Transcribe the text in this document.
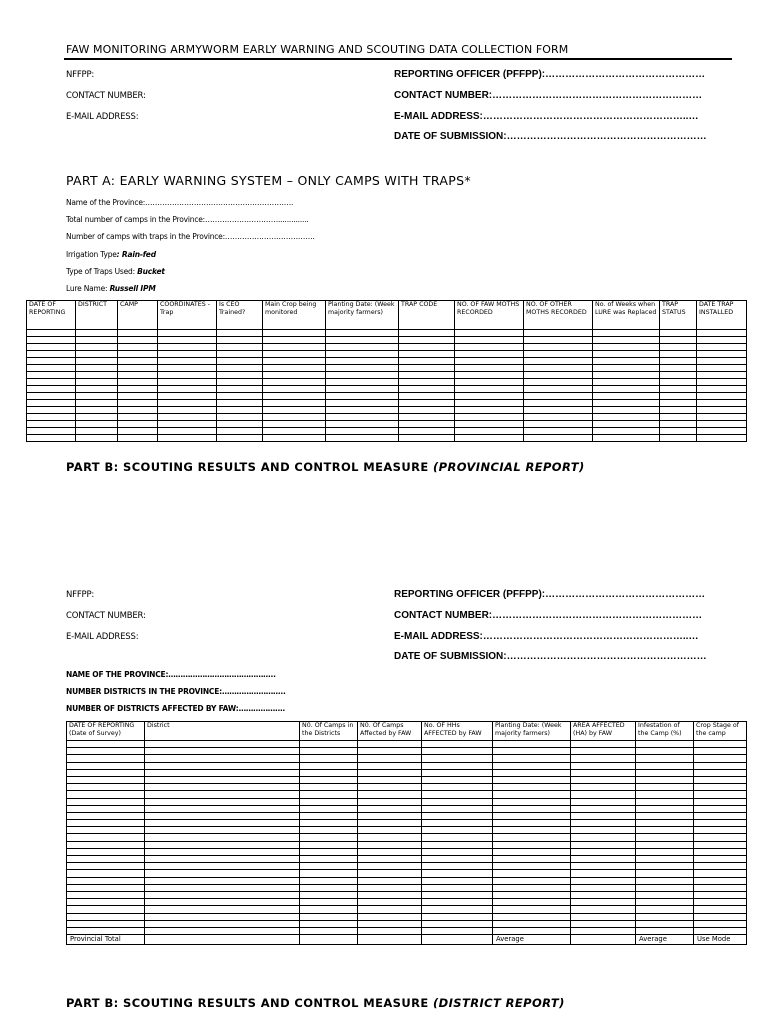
FAW MONITORING ARMYWORM EARLY WARNING AND SCOUTING DATA COLLECTION FORM
NFFPP:
CONTACT NUMBER:
E-MAIL ADDRESS:
REPORTING OFFICER (PFFPP):…………………………………………
CONTACT NUMBER:………………………………………………………
E-MAIL ADDRESS:……………………………………………………..…
DATE OF SUBMISSION:……………………………………………………
PART A: EARLY WARNING SYSTEM – ONLY CAMPS WITH TRAPS*
Name of the Province:…………………………………………………….
Total number of camps in the Province:…………………………..............
Number of camps with traps in the Province:……………………………….
Irrigation Type: Rain-fed
Type of Traps Used: Bucket
Lure Name: Russell IPM
DATE OF REPORTING	DISTRICT	CAMP	COORDINATES - Trap	Is CEO Trained?	Main Crop being monitored	Planting Date: (Week majority farmers)	TRAP CODE	NO. OF FAW MOTHS RECORDED	NO. OF OTHER MOTHS RECORDED	No. of Weeks when LURE was Replaced	TRAP STATUS	DATE TRAP INSTALLED

PART B: SCOUTING RESULTS AND CONTROL MEASURE (PROVINCIAL REPORT)
NFFPP:
CONTACT NUMBER:
E-MAIL ADDRESS:
REPORTING OFFICER (PFFPP):…………………………………………
CONTACT NUMBER:………………………………………………………
E-MAIL ADDRESS:……………………………………………………..…
DATE OF SUBMISSION:……………………………………………………
NAME OF THE PROVINCE:……………………………………..
NUMBER DISTRICTS IN THE PROVINCE:……………………..
NUMBER OF DISTRICTS AFFECTED BY FAW:……………….
DATE OF REPORTING (Date of Survey)	District	N0. Of Camps in the Districts	N0. Of Camps Affected by FAW	No. OF HHs AFFECTED by FAW	Planting Date: (Week majority farmers)	AREA AFFECTED (HA) by FAW	Infestation of the Camp (%)	Crop Stage of the camp

Provincial Total					Average		Average	Use Mode
PART B: SCOUTING RESULTS AND CONTROL MEASURE (DISTRICT REPORT)
